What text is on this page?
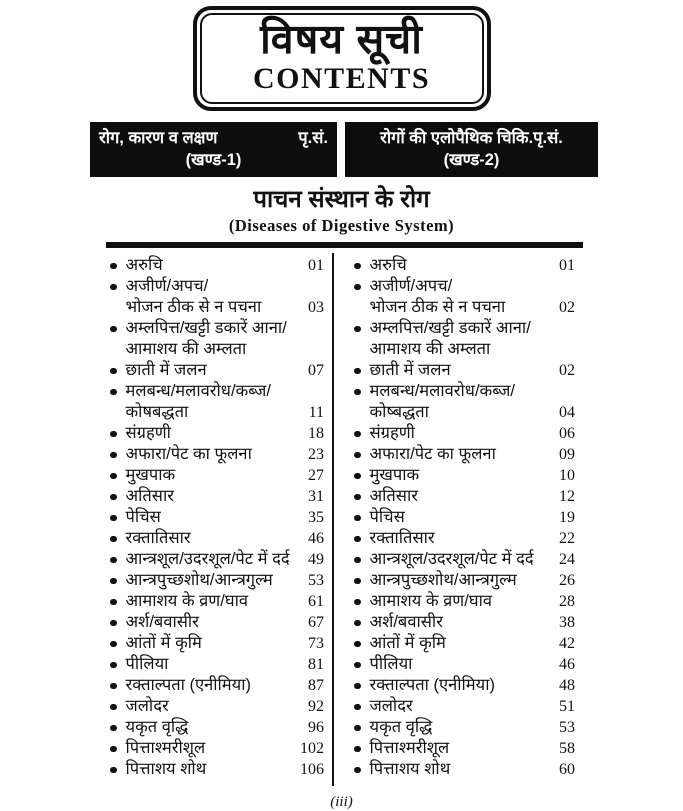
विषय सूची
CONTENTS
रोग, कारण व लक्षण	पृ.सं.
(खण्ड-1)
रोगों की एलोपैथिक चिकि.पृ.सं.
(खण्ड-2)
पाचन संस्थान के रोग
(Diseases of Digestive System)
अरुचि	01
अजीर्ण/अपच/
भोजन ठीक से न पचना	03
अम्लपित्त/खट्टी डकारें आना/
आमाशय की अम्लता
छाती में जलन	07
मलबन्ध/मलावरोध/कब्ज/
कोषबद्धता	11
संग्रहणी	18
अफारा/पेट का फूलना	23
मुखपाक	27
अतिसार	31
पेचिस	35
रक्तातिसार	46
आन्त्रशूल/उदरशूल/पेट में दर्द	49
आन्त्रपुच्छशोथ/आन्त्रगुल्म	53
आमाशय के व्रण/घाव	61
अर्श/बवासीर	67
आंतों में कृमि	73
पीलिया	81
रक्ताल्पता (एनीमिया)	87
जलोदर	92
यकृत वृद्धि	96
पित्ताश्मरीशूल	102
पित्ताशय शोथ	106
अरुचि	01
अजीर्ण/अपच/
भोजन ठीक से न पचना	02
अम्लपित्त/खट्टी डकारें आना/
आमाशय की अम्लता
छाती में जलन	02
मलबन्ध/मलावरोध/कब्ज/
कोष्बद्धता	04
संग्रहणी	06
अफारा/पेट का फूलना	09
मुखपाक	10
अतिसार	12
पेचिस	19
रक्तातिसार	22
आन्त्रशूल/उदरशूल/पेट में दर्द	24
आन्त्रपुच्छशोथ/आन्त्रगुल्म	26
आमाशय के व्रण/घाव	28
अर्श/बवासीर	38
आंतों में कृमि	42
पीलिया	46
रक्ताल्पता (एनीमिया)	48
जलोदर	51
यकृत वृद्धि	53
पित्ताश्मरीशूल	58
पित्ताशय शोथ	60
(iii)
